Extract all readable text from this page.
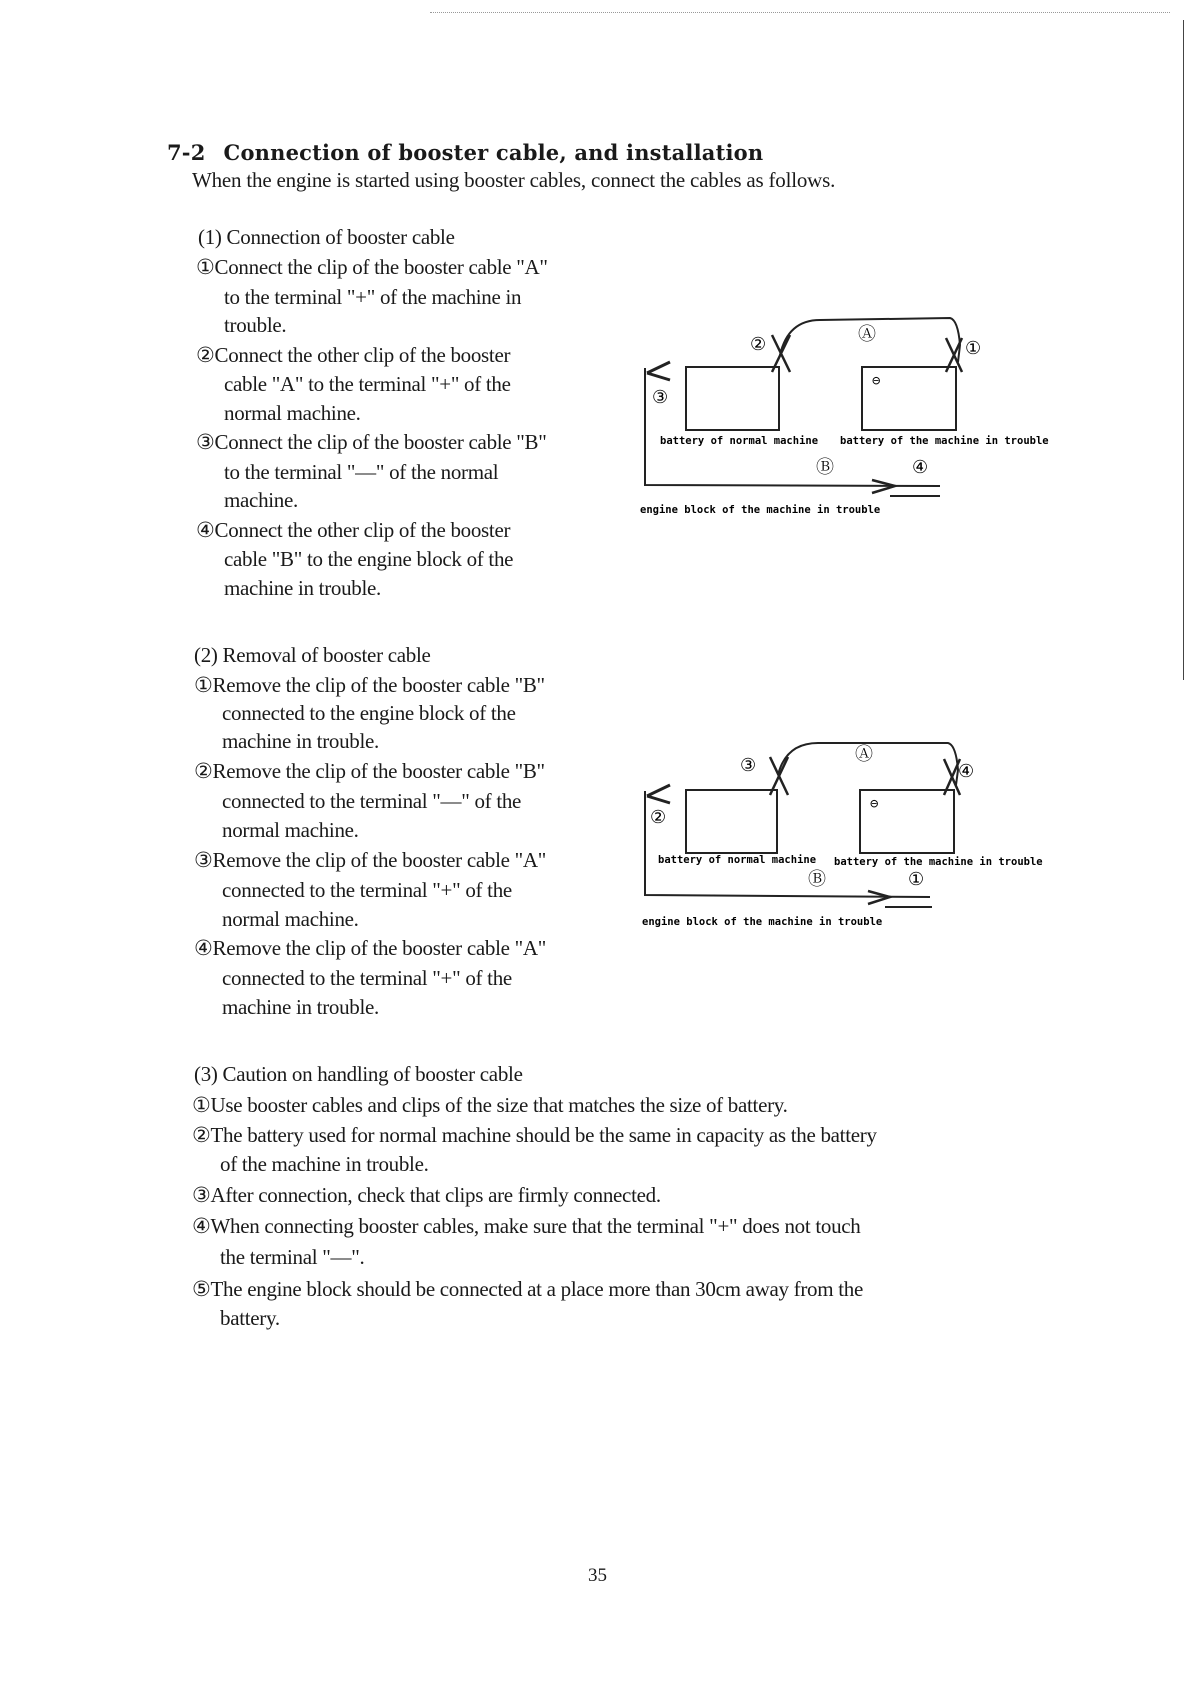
7-2 Connection of booster cable, and installation
When the engine is started using booster cables, connect the cables as follows.
(1) Connection of booster cable
①Connect the clip of the booster cable "A"
to the terminal "+" of the machine in
trouble.
②Connect the other clip of the booster
cable "A" to the terminal "+" of the
normal machine.
③Connect the clip of the booster cable "B"
to the terminal "—" of the normal
machine.
④Connect the other clip of the booster
cable "B" to the engine block of the
machine in trouble.
(2) Removal of booster cable
①Remove the clip of the booster cable "B"
connected to the engine block of the
machine in trouble.
②Remove the clip of the booster cable "B"
connected to the terminal "—" of the
normal machine.
③Remove the clip of the booster cable "A"
connected to the terminal "+" of the
normal machine.
④Remove the clip of the booster cable "A"
connected to the terminal "+" of the
machine in trouble.
(3) Caution on handling of booster cable
①Use booster cables and clips of the size that matches the size of battery.
②The battery used for normal machine should be the same in capacity as the battery
of the machine in trouble.
③After connection, check that clips are firmly connected.
④When connecting booster cables, make sure that the terminal "+" does not touch
the terminal "—".
⑤The engine block should be connected at a place more than 30cm away from the
battery.
⊖
②	Ⓐ
①
③
Ⓑ	④
battery of normal machine battery of the machine in trouble
engine block of the machine in trouble
⊖
③
Ⓐ
④
②
Ⓑ	①
battery of normal machine battery of the machine in trouble
engine block of the machine in trouble
35
